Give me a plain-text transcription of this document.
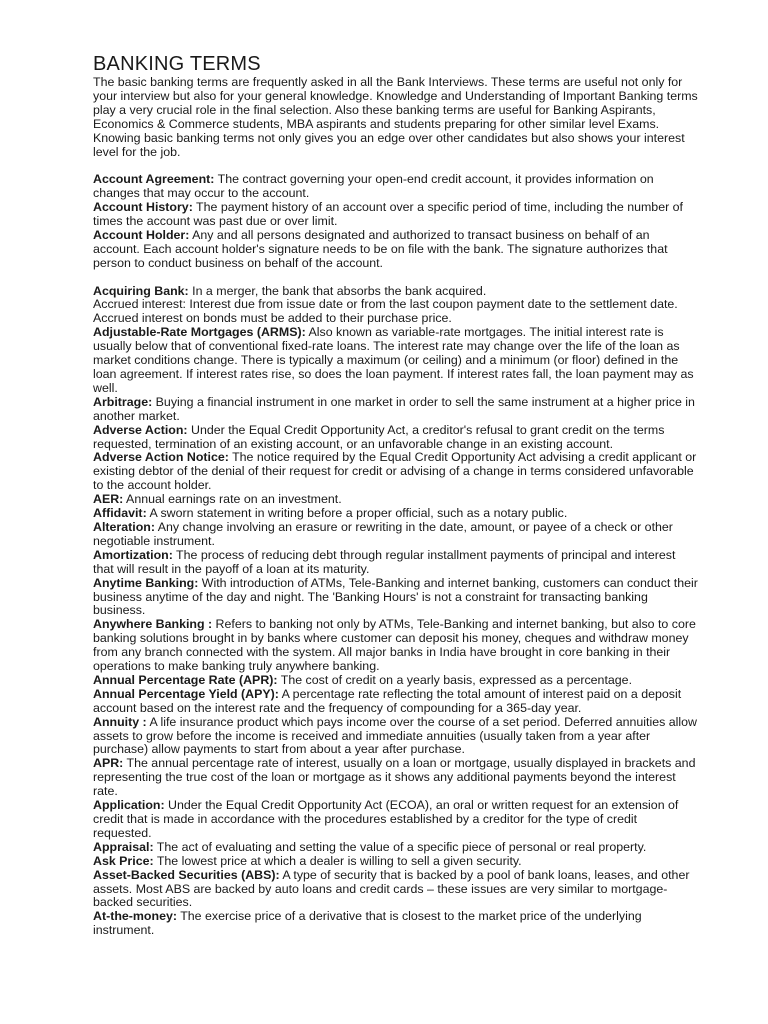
BANKING TERMS

The basic banking terms are frequently asked in all the Bank Interviews. These terms are useful not only for your interview but also for your general knowledge. Knowledge and Understanding of Important Banking terms play a very crucial role in the final selection. Also these banking terms are useful for Banking Aspirants, Economics & Commerce students, MBA aspirants and students preparing for other similar level Exams.

Knowing basic banking terms not only gives you an edge over other candidates but also shows your interest level for the job.

Account Agreement: The contract governing your open-end credit account, it provides information on changes that may occur to the account.

Account History: The payment history of an account over a specific period of time, including the number of times the account was past due or over limit.

Account Holder: Any and all persons designated and authorized to transact business on behalf of an account. Each account holder's signature needs to be on file with the bank. The signature authorizes that person to conduct business on behalf of the account.

Acquiring Bank: In a merger, the bank that absorbs the bank acquired.

Accrued interest: Interest due from issue date or from the last coupon payment date to the settlement date. Accrued interest on bonds must be added to their purchase price.

Adjustable-Rate Mortgages (ARMS): Also known as variable-rate mortgages. The initial interest rate is usually below that of conventional fixed-rate loans. The interest rate may change over the life of the loan as market conditions change. There is typically a maximum (or ceiling) and a minimum (or floor) defined in the loan agreement. If interest rates rise, so does the loan payment. If interest rates fall, the loan payment may as well.

Arbitrage: Buying a financial instrument in one market in order to sell the same instrument at a higher price in another market.

Adverse Action: Under the Equal Credit Opportunity Act, a creditor's refusal to grant credit on the terms requested, termination of an existing account, or an unfavorable change in an existing account.

Adverse Action Notice: The notice required by the Equal Credit Opportunity Act advising a credit applicant or existing debtor of the denial of their request for credit or advising of a change in terms considered unfavorable to the account holder.

AER: Annual earnings rate on an investment.

Affidavit: A sworn statement in writing before a proper official, such as a notary public.

Alteration: Any change involving an erasure or rewriting in the date, amount, or payee of a check or other negotiable instrument.

Amortization: The process of reducing debt through regular installment payments of principal and interest that will result in the payoff of a loan at its maturity.

Anytime Banking: With introduction of ATMs, Tele-Banking and internet banking, customers can conduct their business anytime of the day and night. The 'Banking Hours' is not a constraint for transacting banking business.

Anywhere Banking : Refers to banking not only by ATMs, Tele-Banking and internet banking, but also to core banking solutions brought in by banks where customer can deposit his money, cheques and withdraw money from any branch connected with the system. All major banks in India have brought in core banking in their operations to make banking truly anywhere banking.

Annual Percentage Rate (APR): The cost of credit on a yearly basis, expressed as a percentage.

Annual Percentage Yield (APY): A percentage rate reflecting the total amount of interest paid on a deposit account based on the interest rate and the frequency of compounding for a 365-day year.

Annuity : A life insurance product which pays income over the course of a set period. Deferred annuities allow assets to grow before the income is received and immediate annuities (usually taken from a year after purchase) allow payments to start from about a year after purchase.

APR: The annual percentage rate of interest, usually on a loan or mortgage, usually displayed in brackets and representing the true cost of the loan or mortgage as it shows any additional payments beyond the interest rate.

Application: Under the Equal Credit Opportunity Act (ECOA), an oral or written request for an extension of credit that is made in accordance with the procedures established by a creditor for the type of credit requested.

Appraisal: The act of evaluating and setting the value of a specific piece of personal or real property.

Ask Price: The lowest price at which a dealer is willing to sell a given security.

Asset-Backed Securities (ABS): A type of security that is backed by a pool of bank loans, leases, and other assets. Most ABS are backed by auto loans and credit cards – these issues are very similar to mortgage-backed securities.

At-the-money: The exercise price of a derivative that is closest to the market price of the underlying instrument.
